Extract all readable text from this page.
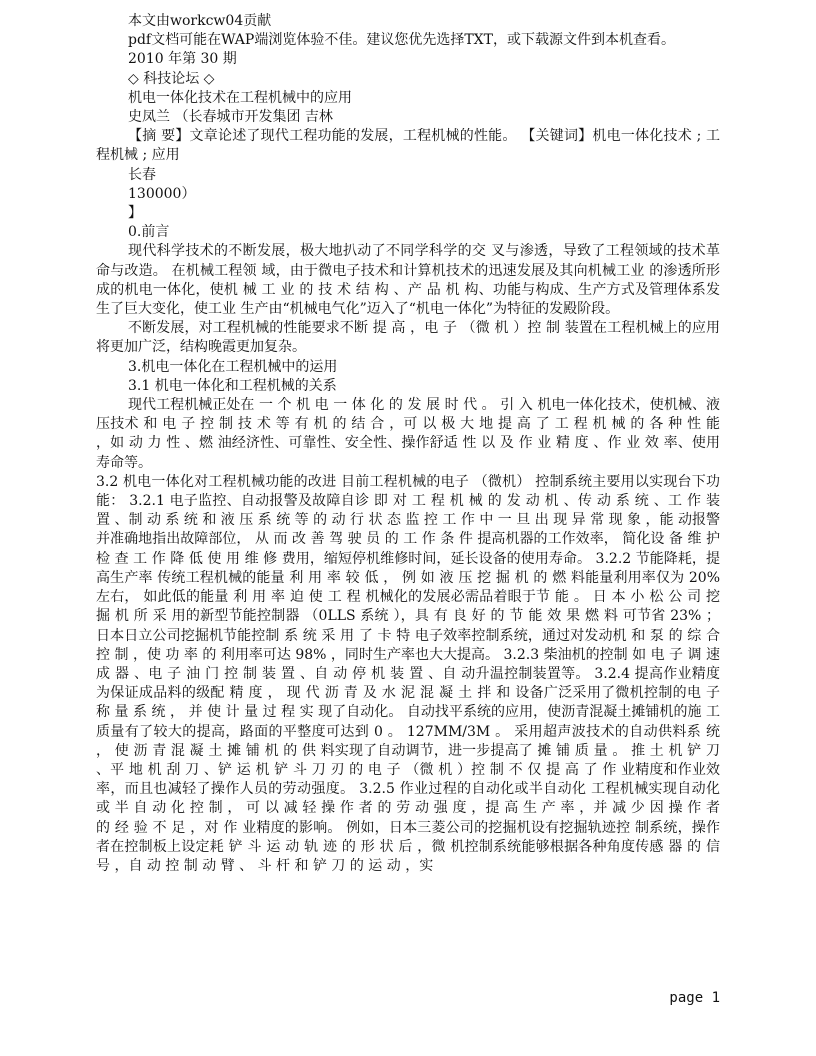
本文由workcw04贡献
pdf文档可能在WAP端浏览体验不佳。建议您优先选择TXT，或下载源文件到本机查看。
2010 年第 30 期
◇ 科技论坛 ◇
机电一体化技术在工程机械中的应用
史凤兰 （长春城市开发集团 吉林
【摘 要】文章论述了现代工程功能的发展，工程机械的性能。 【关键词】机电一体化技术 ; 工程机械 ; 应用
长春
130000）
】
0.前言
现代科学技术的不断发展，极大地扒动了不同学科学的交 叉与渗透，导致了工程领域的技术革命与改造。 在机械工程领 域，由于微电子技术和计算机技术的迅速发展及其向机械工业 的渗透所形成的机电一体化，使机 械 工 业 的 技 术 结 构 、产 品 机 构、功能与构成、生产方式及管理体系发生了巨大变化，使工业 生产由“机械电气化”迈入了“机电一体化”为特征的发殿阶段。
不断发展，对工程机械的性能要求不断 提 高 ，电 子 （微 机 ）控 制 装置在工程机械上的应用将更加广泛，结构晚霞更加复杂。
3.机电一体化在工程机械中的运用
3.1 机电一体化和工程机械的关系
现代工程机械正处在 一 个 机 电 一 体 化 的 发 展 时 代 。 引 入 机电一体化技术，使机械、液压技术 和 电 子 控 制 技 术 等 有 机 的 结 合 ，可 以 极 大 地 提 高 了 工 程 机 械 的 各 种 性 能 ，如 动 力 性 、燃 油经济性、可靠性、安全性、操作舒适 性 以 及 作 业 精 度 、作 业 效 率、使用寿命等。
3.2 机电一体化对工程机械功能的改进 目前工程机械的电子 （微机） 控制系统主要用以实现台下功 能： 3.2.1 电子监控、自动报警及故障自诊 即 对 工 程 机 械 的 发 动 机 、传 动 系 统 、工 作 装 置 、制 动 系 统 和 液 压 系 统 等 的 动 行 状 态 监 控 工 作 中 一 旦 出 现 异 常 现 象 ，能 动报警并准确地指出故障部位， 从 而 改 善 驾 驶 员 的 工 作 条 件 提高机器的工作效率， 简化设 备 维 护 检 查 工 作 降 低 使 用 维 修 费用，缩短停机维修时间，延长设备的使用寿命。 3.2.2 节能降耗，提高生产率 传统工程机械的能量 利 用 率 较 低 ， 例 如 液 压 挖 掘 机 的 燃 料能量利用率仅为 20% 左右， 如此低的能量 利 用 率 迫 使 工 程 机械化的发展必需品着眼于节 能 。 日 本 小 松 公 司 挖 掘 机 所 采 用的新型节能控制器 （0LLS 系统 ），具 有 良 好 的 节 能 效 果 燃 料 可节省 23% ； 日本日立公司挖掘机节能控制 系 统 采 用 了 卡 特 电子效率控制系统，通过对发动机 和 泵 的 综 合 控 制 ，使 功 率 的 利用率可达 98% ，同时生产率也大大提高。 3.2.3 柴油机的控制 如 电 子 调 速 成 器 、电 子 油 门 控 制 装 置 、自 动 停 机 装 置 、自 动升温控制装置等。 3.2.4 提高作业精度 为保证成品料的级配 精 度 ， 现 代 沥 青 及 水 泥 混 凝 土 拌 和 设备广泛采用了微机控制的电 子 称 量 系 统 ， 并 使 计 量 过 程 实 现了自动化。 自动找平系统的应用，使沥青混凝土摊铺机的施 工质量有了较大的提高，路面的平整度可达到 0 。 127MM/3M 。 采用超声波技术的自动供料系 统 ， 使 沥 青 混 凝 土 摊 铺 机 的 供 料实现了自动调节，进一步提高了 摊 铺 质 量 。 推 土 机 铲 刀 、平 地 机 刮 刀 、铲 运 机 铲 斗 刀 刃 的 电 子 （微 机 ）控 制 不 仅 提 高 了 作 业精度和作业效率，而且也减轻了操作人员的劳动强度。 3.2.5 作业过程的自动化或半自动化 工程机械实现自动化 或 半 自 动 化 控 制 ， 可 以 减 轻 操 作 者 的 劳 动 强 度 ，提 高 生 产 率 ，并 减 少 因 操 作 者 的 经 验 不 足 ，对 作 业精度的影响。 例如，日本三菱公司的挖掘机设有挖掘轨迹控 制系统，操作者在控制板上设定耗 铲 斗 运 动 轨 迹 的 形 状 后 ，微 机控制系统能够根据各种角度传感 器 的 信 号 ，自 动 控 制 动 臂 、 斗 杆 和 铲 刀 的 运 动 ，实
page 1
